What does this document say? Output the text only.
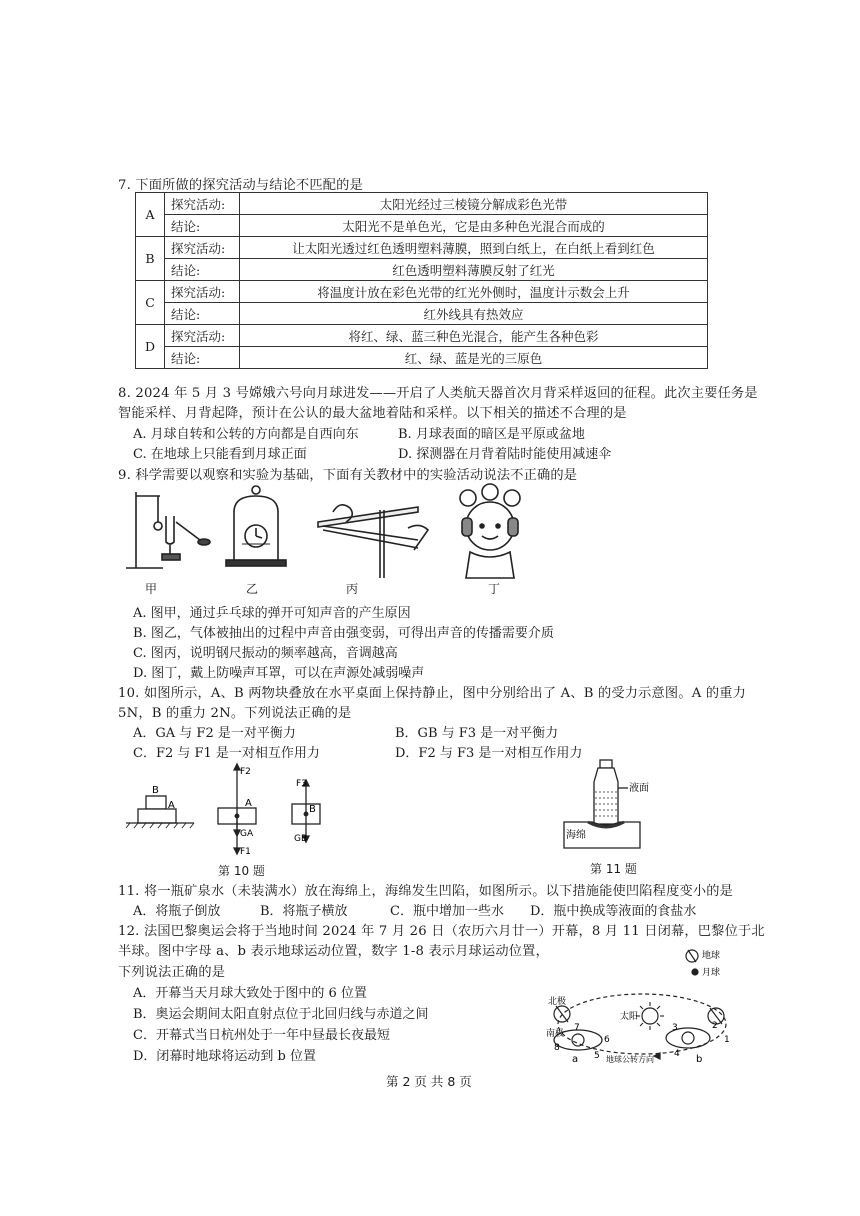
7. 下面所做的探究活动与结论不匹配的是
A	探究活动:	太阳光经过三棱镜分解成彩色光带
	结论:	太阳光不是单色光，它是由多种色光混合而成的
B	探究活动:	让太阳光透过红色透明塑料薄膜，照到白纸上，在白纸上看到红色
	结论:	红色透明塑料薄膜反射了红光
C	探究活动:	将温度计放在彩色光带的红光外侧时，温度计示数会上升
	结论:	红外线具有热效应
D	探究活动:	将红、绿、蓝三种色光混合，能产生各种色彩
	结论:	红、绿、蓝是光的三原色
8. 2024 年 5 月 3 号嫦娥六号向月球进发——开启了人类航天器首次月背采样返回的征程。此次主要任务是
智能采样、月背起降，预计在公认的最大盆地着陆和采样。以下相关的描述不合理的是
A. 月球自转和公转的方向都是自西向东	B. 月球表面的暗区是平原或盆地
C. 在地球上只能看到月球正面	D. 探测器在月背着陆时能使用减速伞
9. 科学需要以观察和实验为基础，下面有关教材中的实验活动说法不正确的是
甲	乙	丙	丁
A. 图甲，通过乒乓球的弹开可知声音的产生原因
B. 图乙，气体被抽出的过程中声音由强变弱，可得出声音的传播需要介质
C. 图丙，说明钢尺振动的频率越高，音调越高
D. 图丁，戴上防噪声耳罩，可以在声源处减弱噪声
10. 如图所示，A、B 两物块叠放在水平桌面上保持静止，图中分别给出了 A、B 的受力示意图。A 的重力
5N，B 的重力 2N。下列说法正确的是
A．GA 与 F2 是一对平衡力	B．GB 与 F3 是一对平衡力
C．F2 与 F1 是一对相互作用力	D．F2 与 F3 是一对相互作用力
B
A
F2
A
GA
F1
F3
B
GB
第 10 题
液面
海绵
第 11 题
11. 将一瓶矿泉水（未装满水）放在海绵上，海绵发生凹陷，如图所示。以下措施能使凹陷程度变小的是
A．将瓶子倒放	B．将瓶子横放	C．瓶中增加一些水 D．瓶中换成等液面的食盐水
12. 法国巴黎奥运会将于当地时间 2024 年 7 月 26 日（农历六月廿一）开幕，8 月 11 日闭幕，巴黎位于北
半球。图中字母 a、b 表示地球运动位置，数字 1-8 表示月球运动位置，
下列说法正确的是
A．开幕当天月球大致处于图中的 6 位置
B．奥运会期间太阳直射点位于北回归线与赤道之间
C．开幕式当日杭州处于一年中昼最长夜最短
D．闭幕时地球将运动到 b 位置
地球
月球
北极
南极
太阳
地球公转方向
1
2
3
4
5
6
7
8
a	b
第 2 页 共 8 页
